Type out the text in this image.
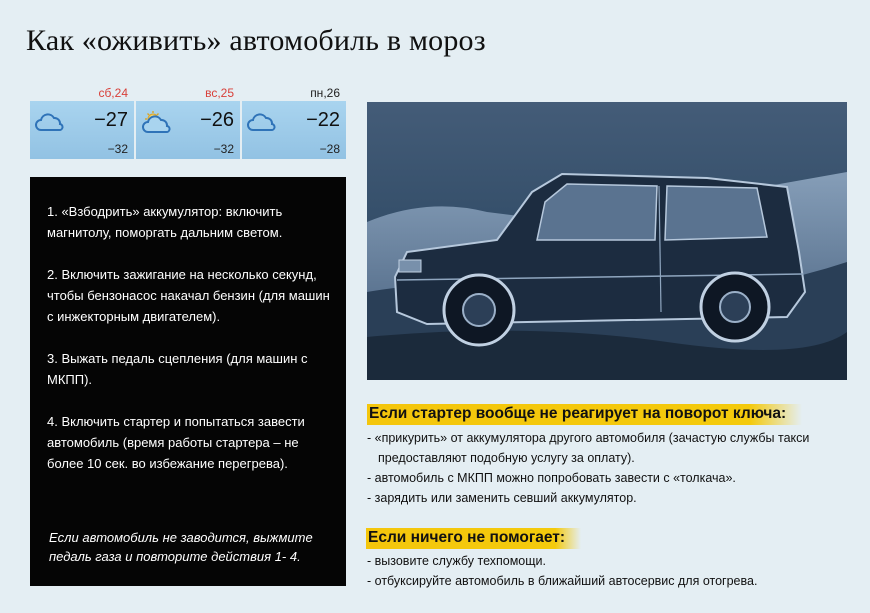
Как «оживить» автомобиль в мороз
сб,24
−27
−32
вс,25
−26
−32
пн,26
−22
−28
1. «Взбодрить» аккумулятор: включить магнитолу, поморгать дальним светом.
2. Включить зажигание на несколько секунд, чтобы бензонасос накачал бензин (для машин с инжекторным двигателем).
3. Выжать педаль сцепления (для машин с МКПП).
4. Включить стартер и попытаться завести автомобиль (время работы стартера – не более 10 сек. во избежание перегрева).
Если автомобиль не заводится, выжмите педаль газа и повторите действия 1- 4.
Если стартер вообще не реагирует на поворот ключа:
- «прикурить» от аккумулятора другого автомобиля (зачастую службы такси
предоставляют подобную услугу за оплату).
- автомобиль с МКПП можно попробовать завести с «толкача».
- зарядить или заменить севший аккумулятор.
Если ничего не помогает:
- вызовите службу техпомощи.
- отбуксируйте автомобиль в ближайший автосервис для отогрева.
